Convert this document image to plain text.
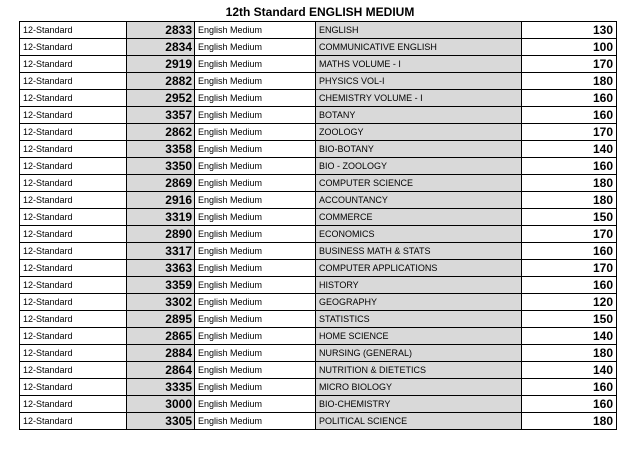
12th Standard ENGLISH MEDIUM
12-Standard	2833	English Medium	ENGLISH	130
12-Standard	2834	English Medium	COMMUNICATIVE ENGLISH	100
12-Standard	2919	English Medium	MATHS VOLUME - I	170
12-Standard	2882	English Medium	PHYSICS VOL-I	180
12-Standard	2952	English Medium	CHEMISTRY VOLUME - I	160
12-Standard	3357	English Medium	BOTANY	160
12-Standard	2862	English Medium	ZOOLOGY	170
12-Standard	3358	English Medium	BIO-BOTANY	140
12-Standard	3350	English Medium	BIO - ZOOLOGY	160
12-Standard	2869	English Medium	COMPUTER SCIENCE	180
12-Standard	2916	English Medium	ACCOUNTANCY	180
12-Standard	3319	English Medium	COMMERCE	150
12-Standard	2890	English Medium	ECONOMICS	170
12-Standard	3317	English Medium	BUSINESS MATH & STATS	160
12-Standard	3363	English Medium	COMPUTER APPLICATIONS	170
12-Standard	3359	English Medium	HISTORY	160
12-Standard	3302	English Medium	GEOGRAPHY	120
12-Standard	2895	English Medium	STATISTICS	150
12-Standard	2865	English Medium	HOME SCIENCE	140
12-Standard	2884	English Medium	NURSING (GENERAL)	180
12-Standard	2864	English Medium	NUTRITION & DIETETICS	140
12-Standard	3335	English Medium	MICRO BIOLOGY	160
12-Standard	3000	English Medium	BIO-CHEMISTRY	160
12-Standard	3305	English Medium	POLITICAL SCIENCE	180
